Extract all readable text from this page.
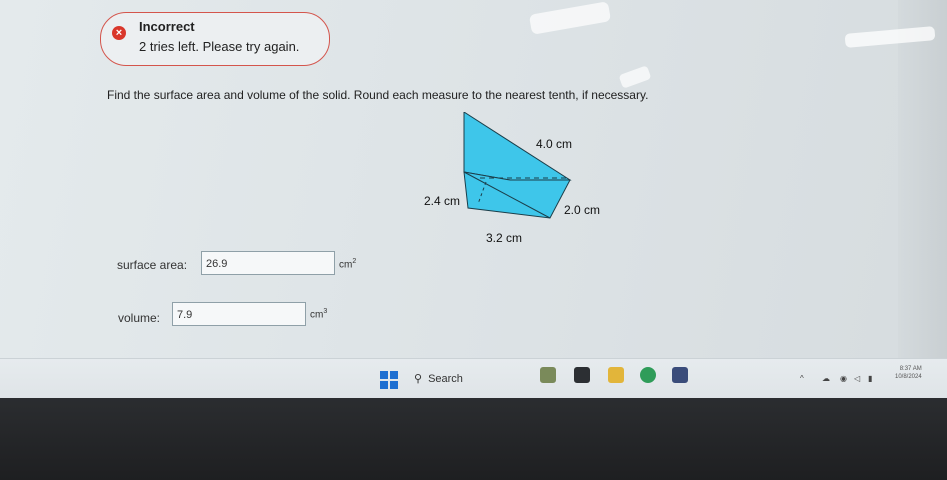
× Incorrect
2 tries left. Please try again.
Find the surface area and volume of the solid. Round each measure to the nearest tenth, if necessary.
4.0 cm
2.4 cm
2.0 cm
3.2 cm
surface area:	26.9	$cm^2$
volume:	7.9	$cm^3$
⚲ Search	^ ☁ ◉ ◁ ▮
8:37 AM
10/8/2024
